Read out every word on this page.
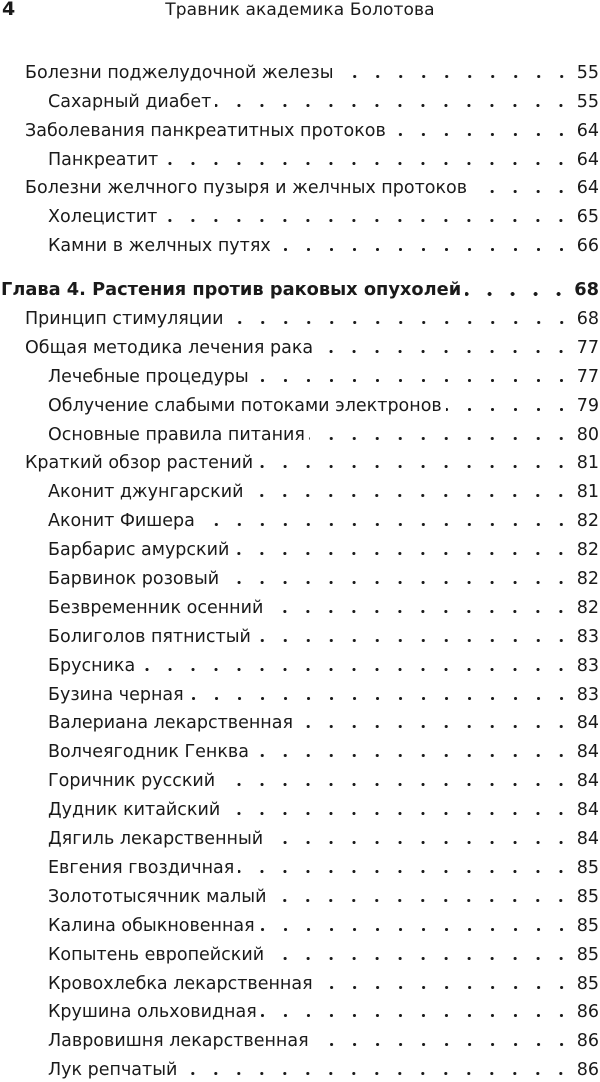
4	Травник академика Болотова
Болезни поджелудочной железы	55
Сахарный диабет	55
Заболевания панкреатитных протоков	64
Панкреатит	64
Болезни желчного пузыря и желчных протоков	64
Холецистит	65
Камни в желчных путях	66
Глава 4. Растения против раковых опухолей	68
Принцип стимуляции	68
Общая методика лечения рака	77
Лечебные процедуры	77
Облучение слабыми потоками электронов	79
Основные правила питания	80
Краткий обзор растений	81
Аконит джунгарский	81
Аконит Фишера	82
Барбарис амурский	82
Барвинок розовый	82
Безвременник осенний	82
Болиголов пятнистый	83
Брусника	83
Бузина черная	83
Валериана лекарственная	84
Волчеягодник Генква	84
Горичник русский	84
Дудник китайский	84
Дягиль лекарственный	84
Евгения гвоздичная	85
Золототысячник малый	85
Калина обыкновенная	85
Копытень европейский	85
Кровохлебка лекарственная	85
Крушина ольховидная	86
Лавровишня лекарственная	86
Лук репчатый	86
